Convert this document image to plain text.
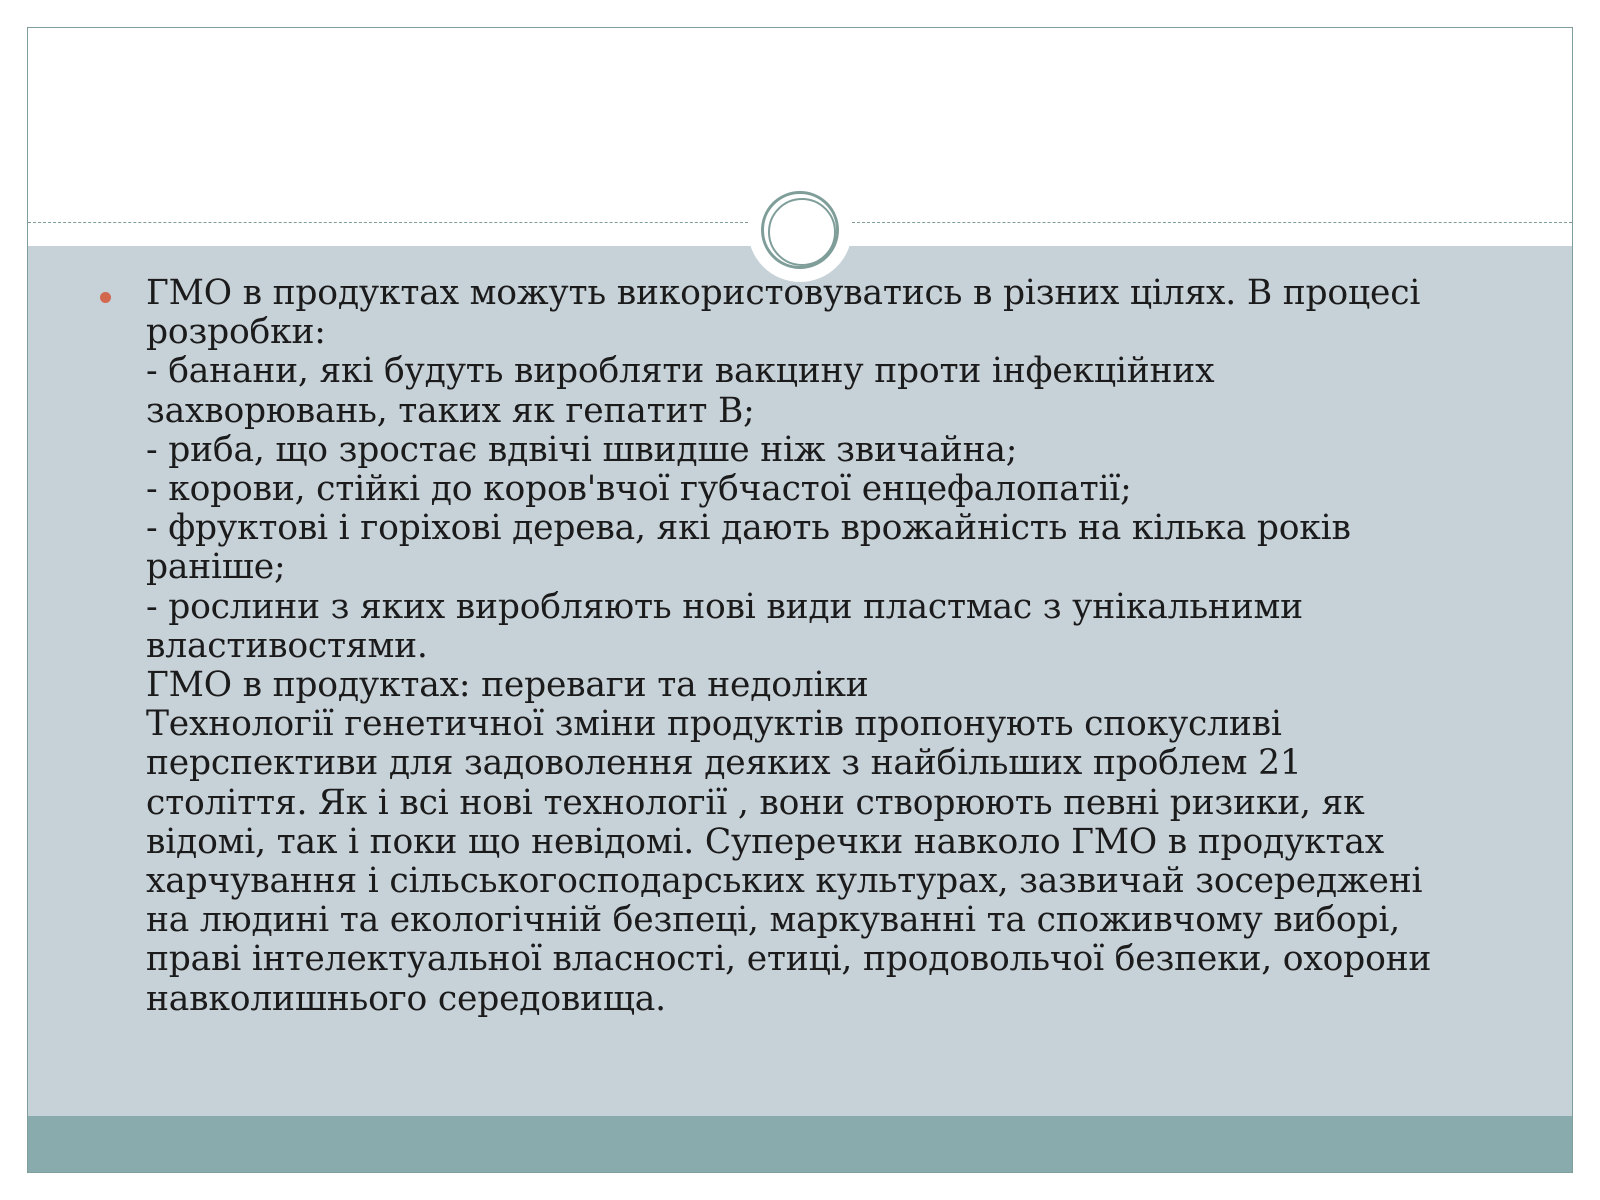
ГМО в продуктах можуть використовуватись в різних цілях. В процесі
розробки:
- банани, які будуть виробляти вакцину проти інфекційних
захворювань, таких як гепатит B;
- риба, що зростає вдвічі швидше ніж звичайна;
- корови, стійкі до коров'вчої губчастої енцефалопатії;
- фруктові і горіхові дерева, які дають врожайність на кілька років
раніше;
- рослини з яких виробляють нові види пластмас з унікальними
властивостями.
ГМО в продуктах: переваги та недоліки
Технології генетичної зміни продуктів пропонують спокусливі
перспективи для задоволення деяких з найбільших проблем 21
століття. Як і всі нові технології , вони створюють певні ризики, як
відомі, так і поки що невідомі. Суперечки навколо ГМО в продуктах
харчування і сільськогосподарських культурах, зазвичай зосереджені
на людині та екологічній безпеці, маркуванні та споживчому виборі,
праві інтелектуальної власності, етиці, продовольчої безпеки, охорони
навколишнього середовища.
